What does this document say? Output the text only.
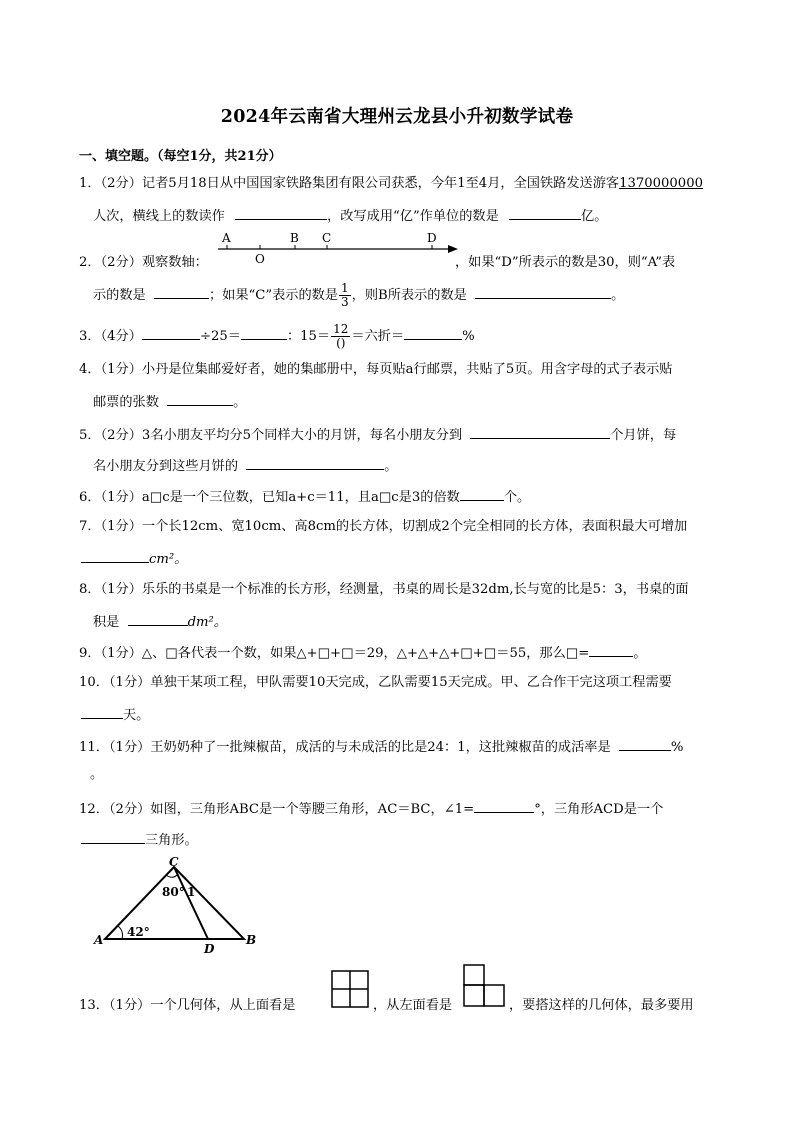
2024年云南省大理州云龙县小升初数学试卷
一、填空题。（每空1分，共21分）
1．（2分）记者5月18日从中国国家铁路集团有限公司获悉，今年1至4月，全国铁路发送游客1370000000
人次，横线上的数读作	，改写成用“亿”作单位的数是	亿。
A	B C	D
O
2．（2分）观察数轴：	，如果“D”所表示的数是30，则“A”表
示的数是	；如果“C”表示的数是 $\frac{1}{3}$ ，则B所表示的数是	。
3．（4分）	÷25＝	：$15= \frac{12}{()}$ ＝六折＝	%
4．（1分）小丹是位集邮爱好者，她的集邮册中，每页贴a行邮票，共贴了5页。用含字母的式子表示贴
邮票的张数	。
5．（2分）3名小朋友平均分5个同样大小的月饼，每名小朋友分到	个月饼，每
名小朋友分到这些月饼的	。
6．（1分）a□c是一个三位数，已知a+c＝11，且a□c是3的倍数	个。
7．（1分）一个长12cm、宽10cm、高8cm的长方体，切割成2个完全相同的长方体，表面积最大可增加
cm²。
8．（1分）乐乐的书桌是一个标准的长方形，经测量，书桌的周长是32dm,长与宽的比是5：3，书桌的面
积是	dm²。
9．（1分）△、□各代表一个数，如果△+□+□＝29，△+△+△+□+□＝55，那么□=	。
10．（1分）单独干某项工程，甲队需要10天完成，乙队需要15天完成。甲、乙合作干完这项工程需要
天。
11．（1分）王奶奶种了一批辣椒苗，成活的与未成活的比是24：1，这批辣椒苗的成活率是	%
。
12．（2分）如图，三角形ABC是一个等腰三角形，AC＝BC，∠1=	°，三角形ACD是一个
三角形。
C
80° 1
A
42°
D
B
13．（1分）一个几何体，从上面看是	，从左面看是	，要搭这样的几何体，最多要用
